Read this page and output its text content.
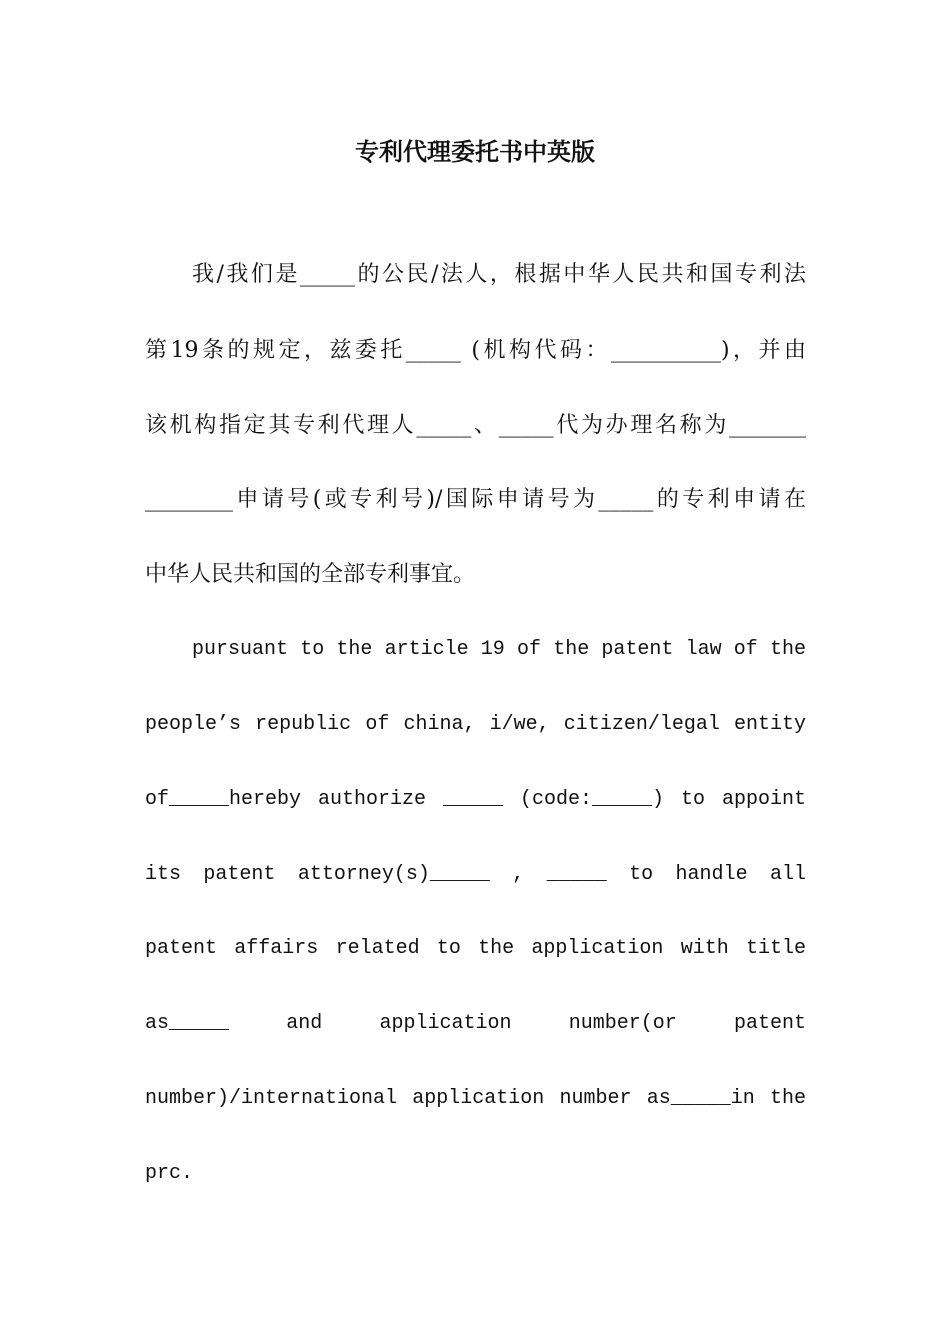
专利代理委托书中英版
我/我们是_____的公民/法人，根据中华人民共和国专利法
第19条的规定，兹委托_____ (机构代码：__________)，并由
该机构指定其专利代理人_____、_____代为办理名称为_______
________申请号(或专利号)/国际申请号为_____的专利申请在
中华人民共和国的全部专利事宜。
pursuant to the article 19 of the patent law of the
people’s republic of china, i/we, citizen/legal entity
of_____hereby authorize _____ (code:_____) to appoint
its patent attorney(s)_____ , _____ to handle all
patent affairs related to the application with title
as_____ and application number(or patent
number)/international application number as_____in the
prc.
